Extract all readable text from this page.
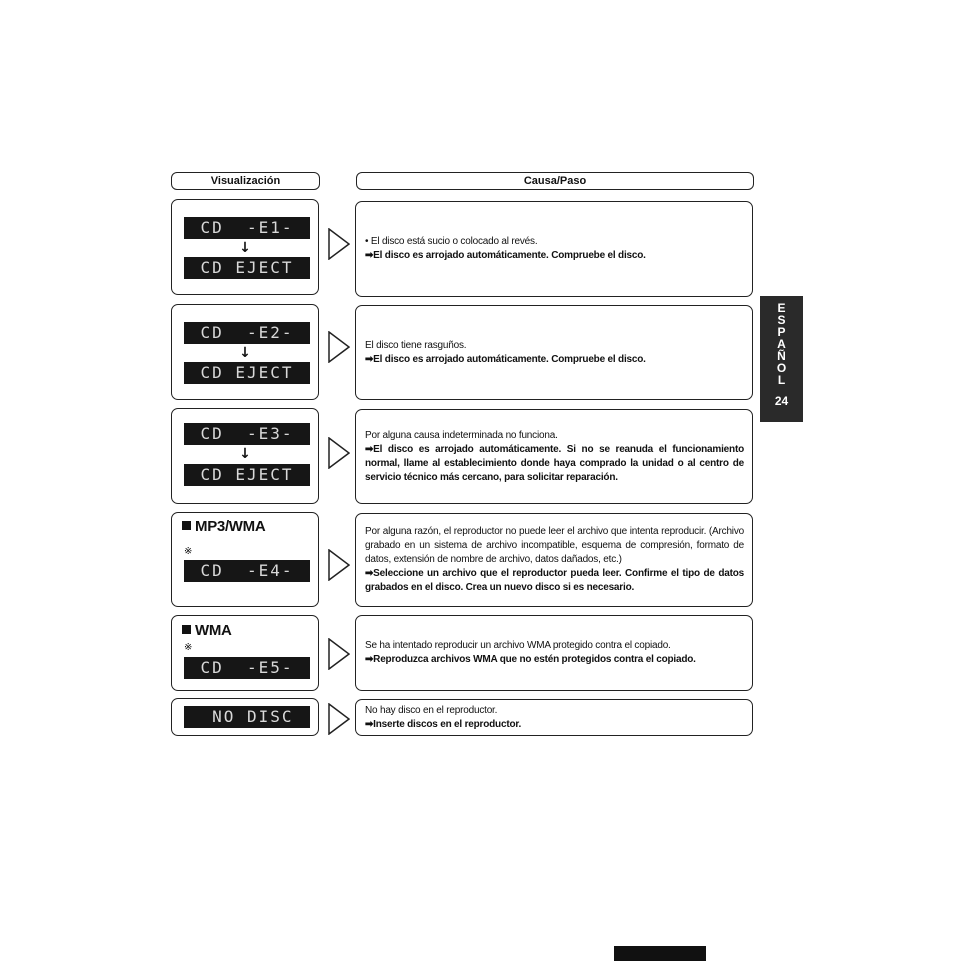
Visualización	Causa/Paso
CD  -E1-
↓
CD EJECT

• El disco está sucio o colocado al revés.

➡El disco es arrojado automáticamente. Compruebe el disco.

CD  -E2-
↓
CD EJECT

El disco tiene rasguños.

➡El disco es arrojado automáticamente. Compruebe el disco.

CD  -E3-
↓
CD EJECT

Por alguna causa indeterminada no funciona.

➡El disco es arrojado automáticamente. Si no se reanuda el funcionamiento normal, llame al establecimiento donde haya comprado la unidad o al centro de servicio técnico más cercano, para solicitar reparación.

MP3/WMA
※
CD  -E4-

Por alguna razón, el reproductor no puede leer el archivo que intenta reproducir. (Archivo grabado en un sistema de archivo incompatible, esquema de compresión, formato de datos, extensión de nombre de archivo, datos dañados, etc.)

➡Seleccione un archivo que el reproductor pueda leer. Confirme el tipo de datos grabados en el disco. Crea un nuevo disco si es necesario.

WMA
※
CD  -E5-

Se ha intentado reproducir un archivo WMA protegido contra el copiado.

➡Reproduzca archivos WMA que no estén protegidos contra el copiado.

NO DISC	No hay disco en el reproductor.

➡Inserte discos en el reproductor.

E
S
P
A
Ñ
O
L
24
